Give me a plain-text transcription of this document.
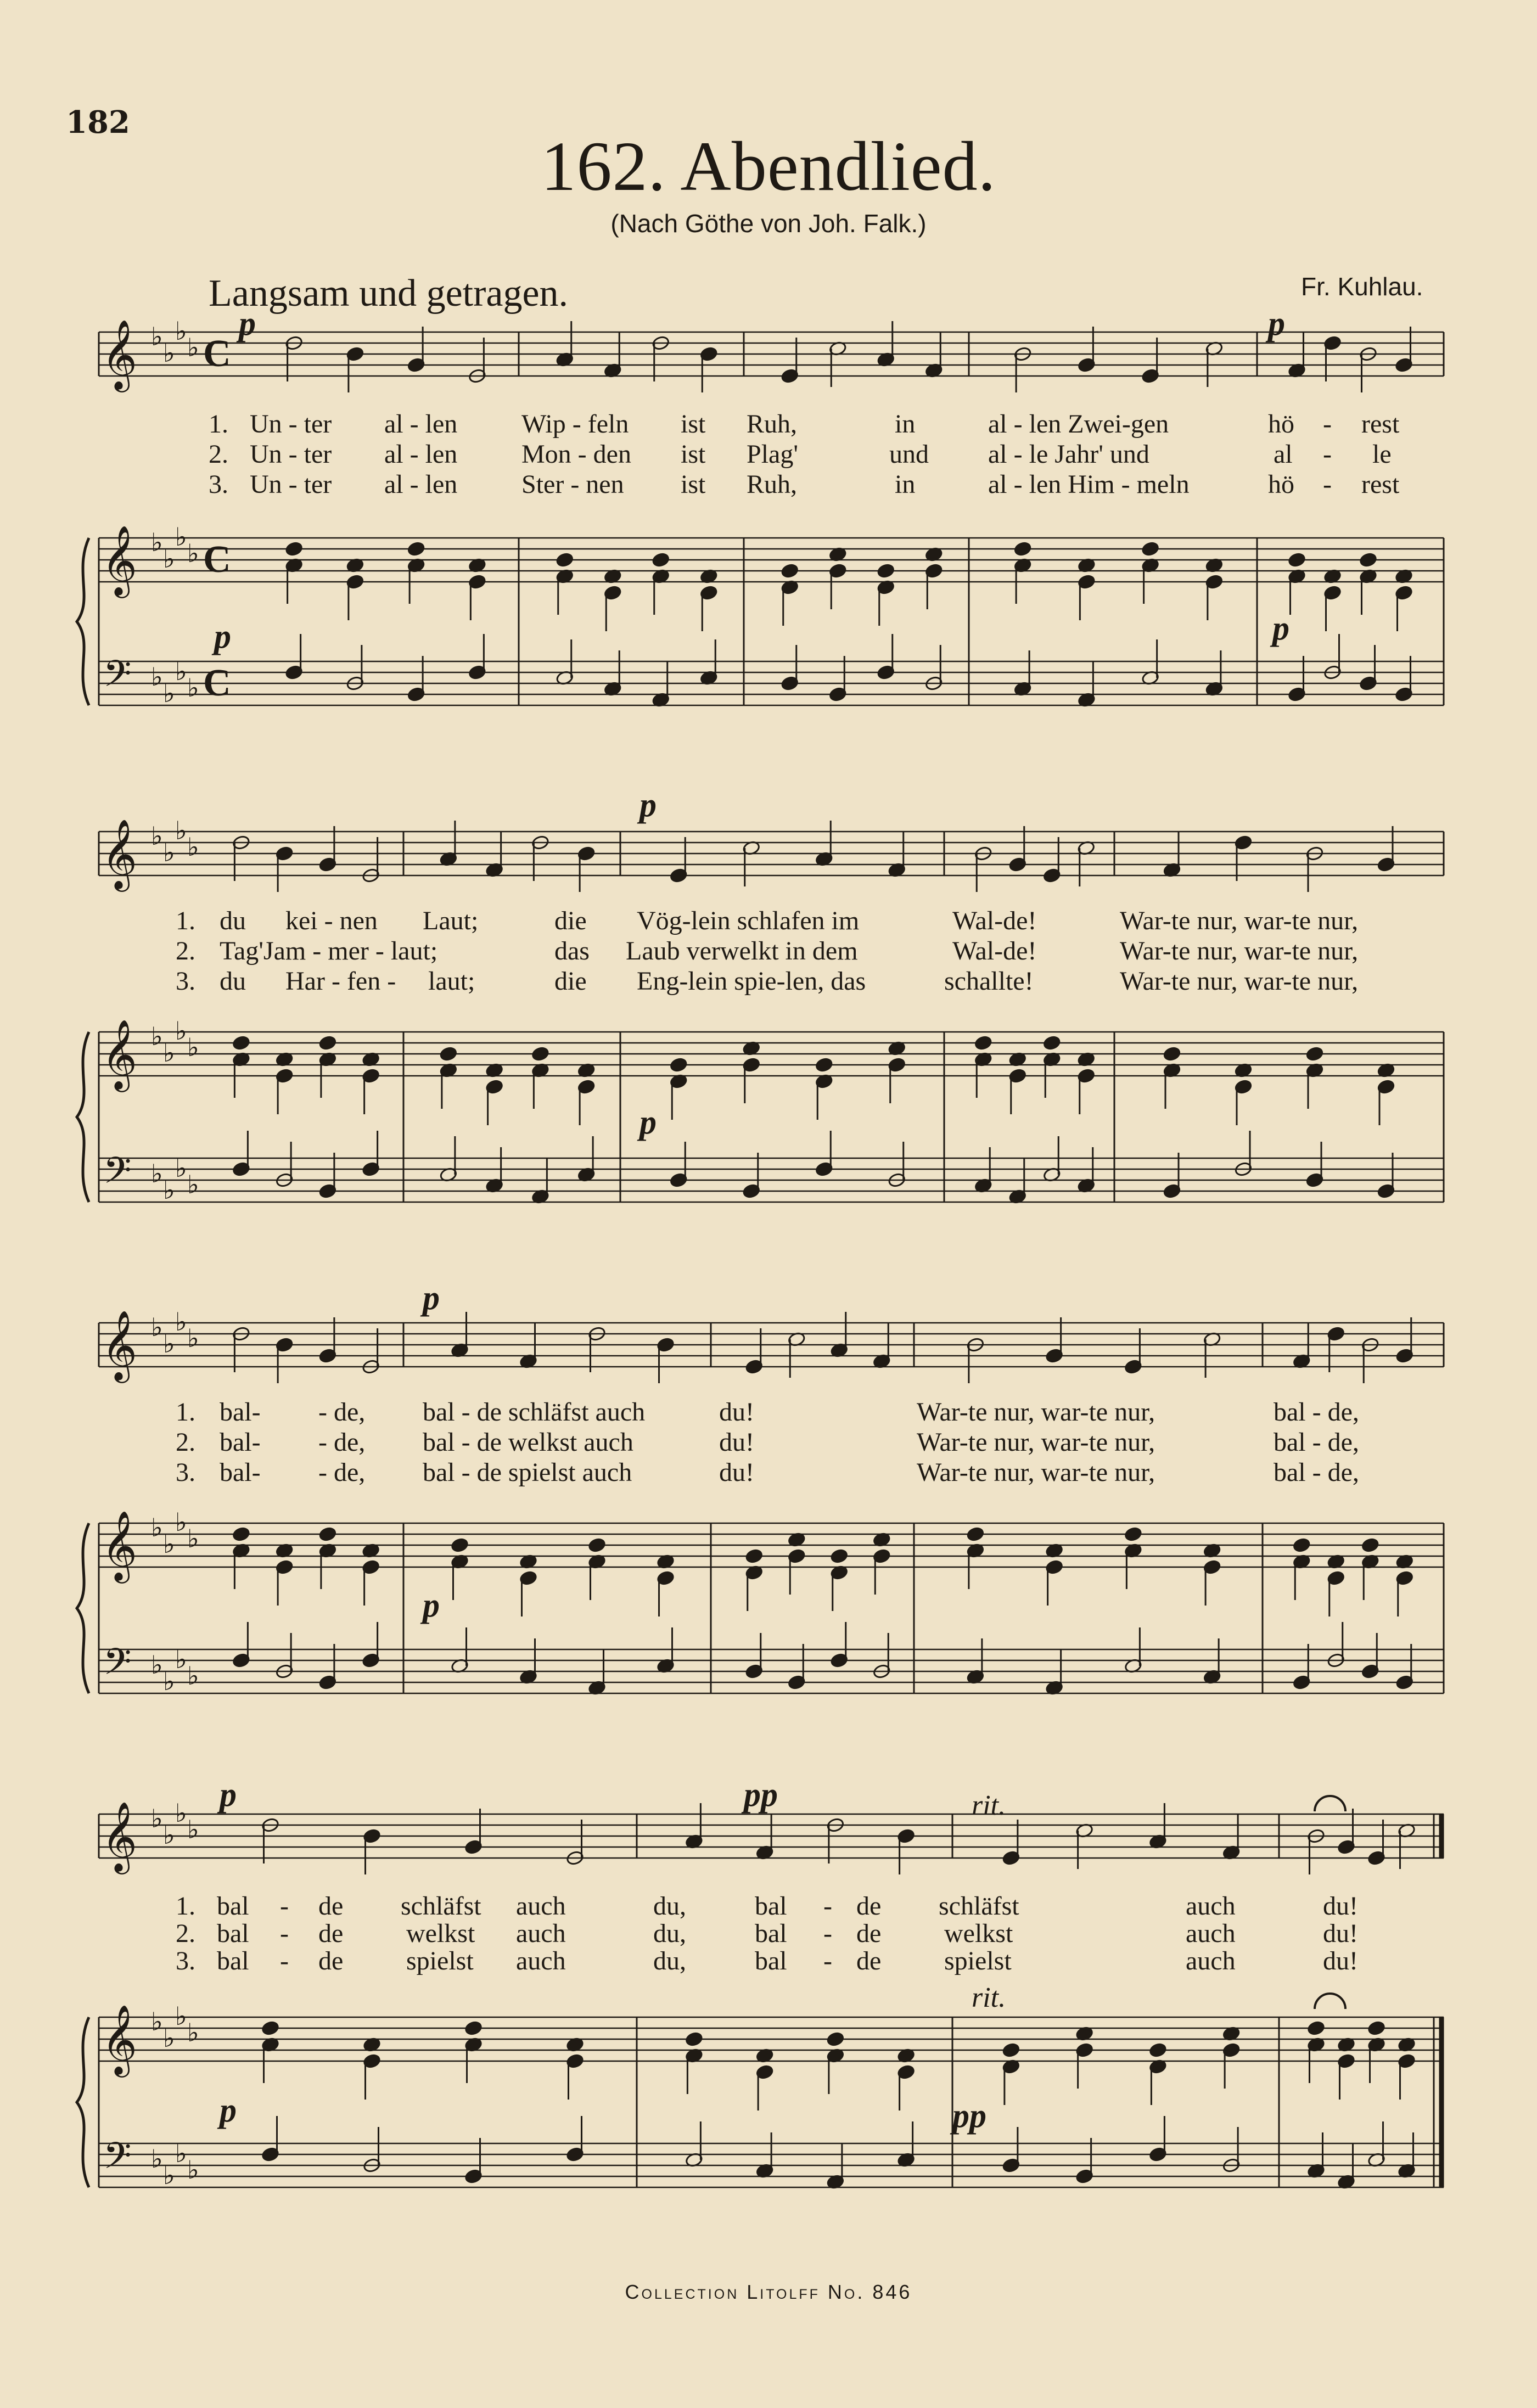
182
162. Abendlied.
(Nach Göthe von Joh. Falk.)
Langsam und getragen.	Fr. Kuhlau.
p	p
p	p
p
p
p
p
p
p
pp
pp
rit.
rit.
𝄞
𝄞
𝄢
♭
♭
♭
♭
♭
♭
♭
♭
♭
♭
♭
♭
C
C
C
𝄞
𝄞
𝄢
♭
♭
♭
♭
♭
♭
♭
♭
♭
♭
♭
♭
𝄞
𝄞
𝄢
♭
♭
♭
♭
♭
♭
♭
♭
♭
♭
♭
♭
𝄞
𝄞
𝄢
♭
♭
♭
♭
♭
♭
♭
♭
♭
♭
♭
♭
1. Un - ter al - len Wip - feln ist Ruh,	in	al - len Zwei-gen	hö - rest
2. Un - ter al - len Mon - den ist Plag'	und al - le Jahr' und	al - le
3. Un - ter al - len Ster - nen ist Ruh,	in	al - len Him - meln	hö - rest
1. du kei - nen Laut;	die Vög-lein schlafen im	Wal-de!	War-te nur, war-te nur,
2. Tag'Jam - mer - laut;	das Laub verwelkt in dem	Wal-de!	War-te nur, war-te nur,
3. du Har - fen - laut;	die Eng-lein spie-len, das	schallte!	War-te nur, war-te nur,
1. bal- - de, bal - de schläfst auch	du!	War-te nur, war-te nur,	bal - de,
2. bal- - de, bal - de welkst auch	du!	War-te nur, war-te nur,	bal - de,
3. bal- - de, bal - de spielst auch	du!	War-te nur, war-te nur,	bal - de,
1. bal - de schläfst auch	du,	bal - de schläfst	auch	du!
2. bal - de welkst auch	du,	bal - de welkst	auch	du!
3. bal - de spielst auch	du,	bal - de spielst	auch	du!
Collection Litolff No. 846
